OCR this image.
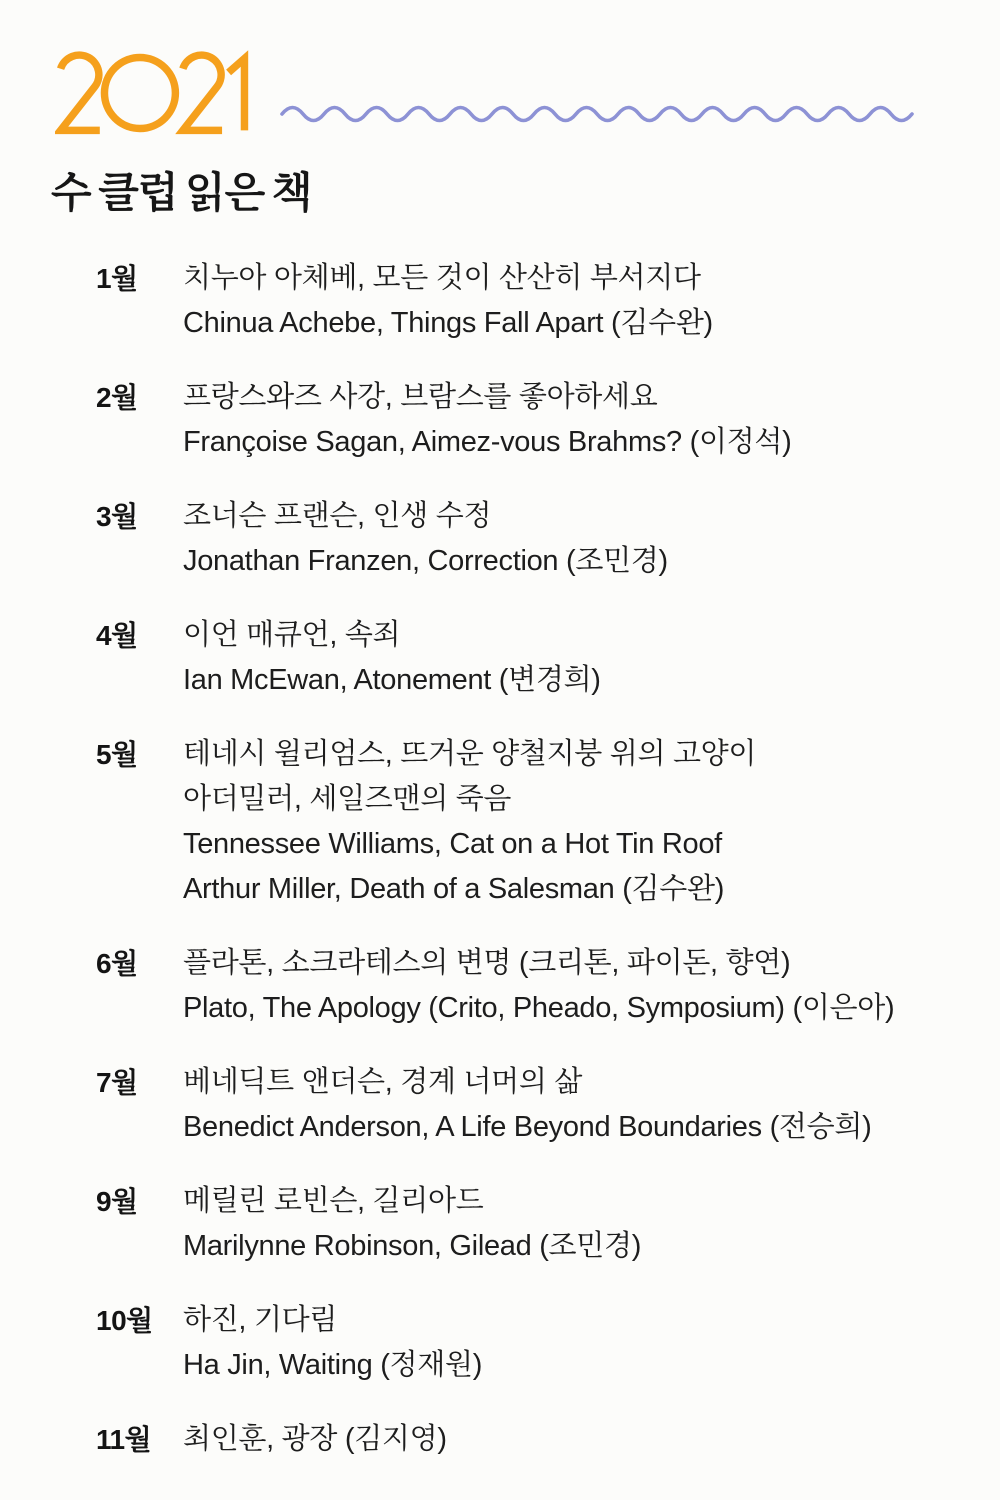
수 클럽 읽은 책
1월	치누아 아체베, 모든 것이 산산히 부서지다
Chinua Achebe, Things Fall Apart (김수완)
2월	프랑스와즈 사강, 브람스를 좋아하세요
Françoise Sagan, Aimez-vous Brahms? (이정석)
3월	조너슨 프랜슨, 인생 수정
Jonathan Franzen, Correction (조민경)
4월	이언 매큐언, 속죄
Ian McEwan, Atonement (변경희)
5월	테네시 윌리엄스, 뜨거운 양철지붕 위의 고양이
아더밀러, 세일즈맨의 죽음
Tennessee Williams, Cat on a Hot Tin Roof
Arthur Miller, Death of a Salesman (김수완)
6월	플라톤, 소크라테스의 변명 (크리톤, 파이돈, 향연)
Plato, The Apology (Crito, Pheado, Symposium) (이은아)
7월	베네딕트 앤더슨, 경계 너머의 삶
Benedict Anderson, A Life Beyond Boundaries (전승희)
9월	메릴린 로빈슨, 길리아드
Marilynne Robinson, Gilead (조민경)
10월	하진, 기다림
Ha Jin, Waiting (정재원)
11월	최인훈, 광장 (김지영)
